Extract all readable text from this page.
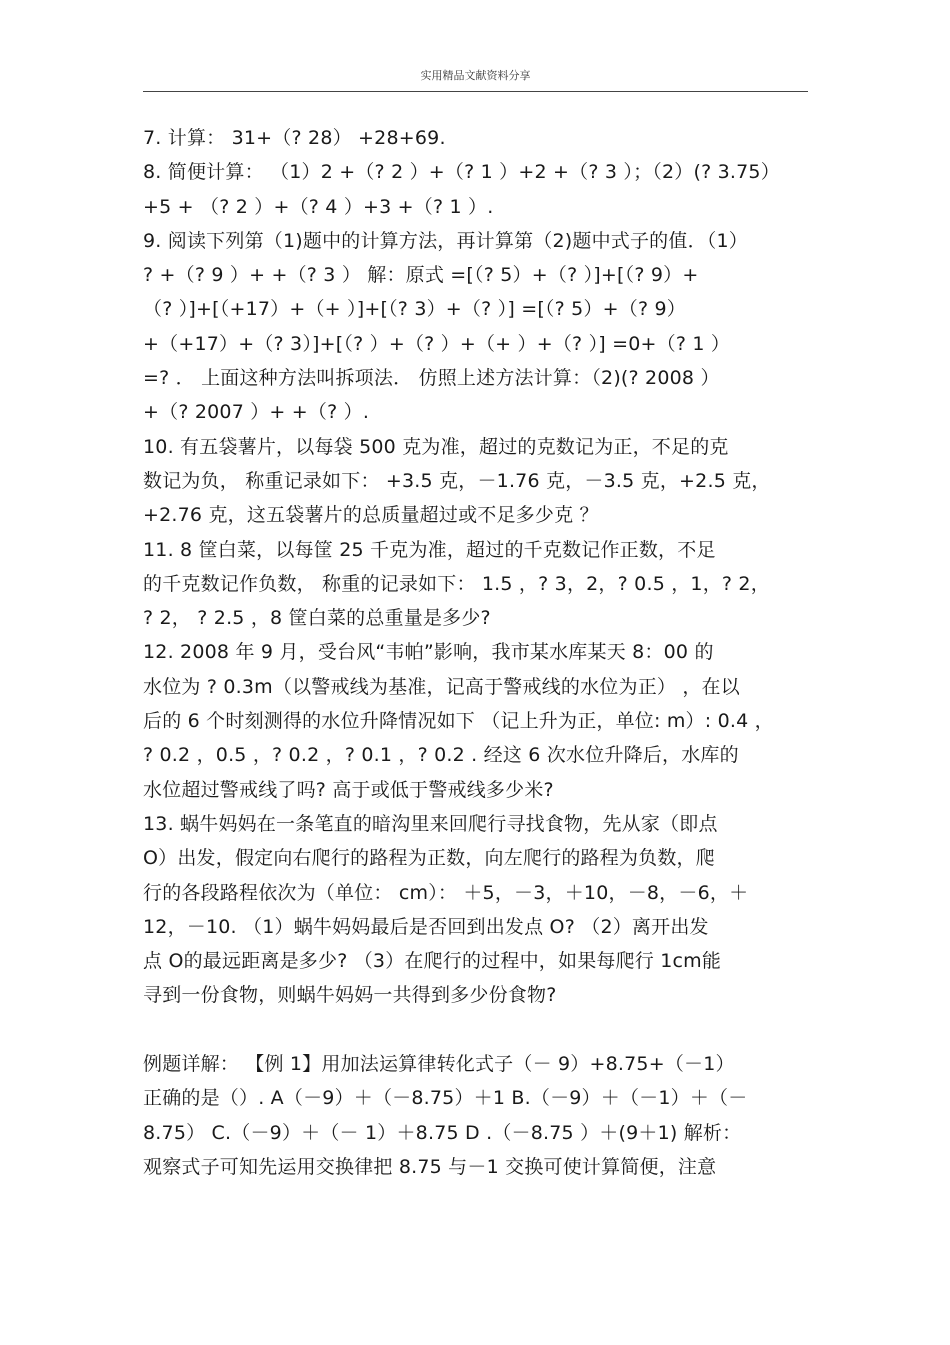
实用精品文献资料分享
7. 计算： 31+（? 28） +28+69.
8. 简便计算： （1）2 +（? 2 ）+（? 1 ）+2 +（? 3 ）；（2）(? 3.75）
+5 + （? 2 ）+（? 4 ）+3 +（? 1 ）.
9. 阅读下列第（1)题中的计算方法，再计算第（2)题中式子的值．（1）
? +（? 9 ）+ +（? 3 ） 解：原式 =[（? 5）+（? ）]+[（? 9）+
（? ）]+[（+17）+（+ ）]+[（? 3）+（? ）] =[（? 5）+（? 9）
+（+17）+（? 3）]+[（? ）+（? ）+（+ ）+（? ）] =0+（? 1 ）
=? ． 上面这种方法叫拆项法． 仿照上述方法计算：（2)(? 2008 ）
+（? 2007 ）+ +（? ）.
10. 有五袋薯片，以每袋 500 克为准，超过的克数记为正，不足的克
数记为负， 称重记录如下： +3.5 克，－1.76 克，－3.5 克，+2.5 克，
+2.76 克，这五袋薯片的总质量超过或不足多少克 ？
11. 8 筐白菜，以每筐 25 千克为准，超过的千克数记作正数，不足
的千克数记作负数， 称重的记录如下： 1.5 ，? 3，2，? 0.5 ，1，? 2，
? 2， ? 2.5 ，8 筐白菜的总重量是多少?
12. 2008 年 9 月，受台风“韦帕”影响，我市某水库某天 8：00 的
水位为 ? 0.3m（以警戒线为基准，记高于警戒线的水位为正） ，在以
后的 6 个时刻测得的水位升降情况如下 （记上升为正，单位: m）: 0.4 ，
? 0.2 ，0.5 ，? 0.2 ，? 0.1 ，? 0.2 . 经这 6 次水位升降后，水库的
水位超过警戒线了吗? 高于或低于警戒线多少米?
13. 蜗牛妈妈在一条笔直的暗沟里来回爬行寻找食物，先从家（即点
O）出发，假定向右爬行的路程为正数，向左爬行的路程为负数，爬
行的各段路程依次为（单位： cm）： ＋5，－3，＋10，－8，－6，＋
12，－10. （1）蜗牛妈妈最后是否回到出发点 O? （2）离开出发
点 O的最远距离是多少? （3）在爬行的过程中，如果每爬行 1cm能
寻到一份食物，则蜗牛妈妈一共得到多少份食物?
例题详解： 【例 1】用加法运算律转化式子（－ 9）+8.75+（－1）
正确的是（）. A（－9）＋（－8.75）＋1 B.（－9）＋（－1）＋（－
8.75） C.（－9）＋（－ 1）＋8.75 D .（－8.75 ）＋(9＋1) 解析：
观察式子可知先运用交换律把 8.75 与－1 交换可使计算简便，注意
